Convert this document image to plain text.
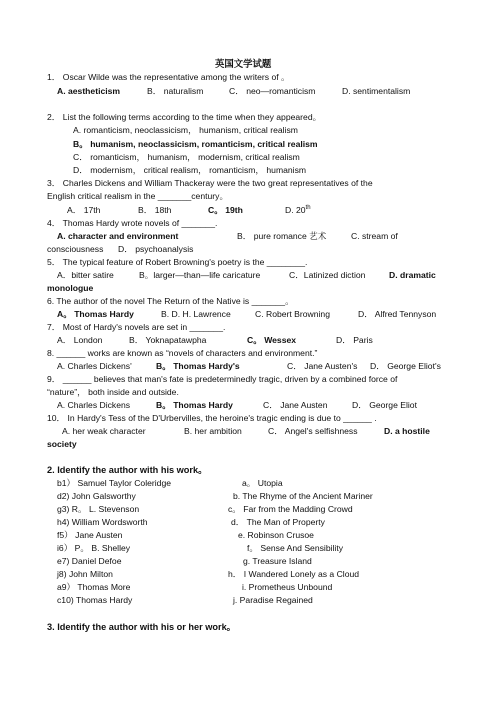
英国文学试题
1． Oscar Wilde was the representative among the writers of 。
A. aestheticism	B． naturalism	C． neo—romanticism	D. sentimentalism
2． List the following terms according to the time when they appeared。
A. romanticism, neoclassicism， humanism, critical realism
B。 humanism, neoclassicism, romanticism, critical realism
C． romanticism， humanism， modernism, critical realism
D． modernism， critical realism， romanticism， humanism
3． Charles Dickens and William Thackeray were the two great representatives of the
English critical realism in the _______century。
A． 17th	B． 18th	C。 19th	D. 20th
4． Thomas Hardy wrote novels of _______.
A. character and environment	B． pure romance 艺术	C. stream of
consciousness D． psychoanalysis
5． The typical feature of Robert Browning's poetry is the ________.
A．bitter satire	B。larger—than—life caricature	C．Latinized diction	D. dramatic
monologue
6. The author of the novel The Return of the Native is _______。
A。 Thomas Hardy	B. D. H. Lawrence	C. Robert Browning	D． Alfred Tennyson
7． Most of Hardy's novels are set in _______.
A． London	B． Yoknapatawpha	C。 Wessex	D． Paris
8. ______ works are known as “novels of characters and environment.”
A. Charles Dickens'	B。 Thomas Hardy's	C． Jane Austen's D． George Eliot's
9． ______ believes that man's fate is predeterminedly tragic, driven by a combined force of
“nature”， both inside and outside.
A. Charles Dickens	B。 Thomas Hardy	C． Jane Austen	D． George Eliot
10． In Hardy's Tess of the D'Urbervilles, the heroine's tragic ending is due to ______ .
A. her weak character	B. her ambition	C． Angel's selfishness	D. a hostile
society
2. Identify the author with his work。
b1） Samuel Taylor Coleridge	a。 Utopia
d2) John Galsworthy	b. The Rhyme of the Ancient Mariner
g3) R。 L. Stevenson	c。 Far from the Madding Crowd
h4) William Wordsworth	d． The Man of Property
f5） Jane Austen	e. Robinson Crusoe
i6） P。 B. Shelley	f。 Sense And Sensibility
e7) Daniel Defoe	g. Treasure Island
j8) John Milton	h． I Wandered Lonely as a Cloud
a9） Thomas More	i. Prometheus Unbound
c10) Thomas Hardy	j. Paradise Regained
3. Identify the author with his or her work。
